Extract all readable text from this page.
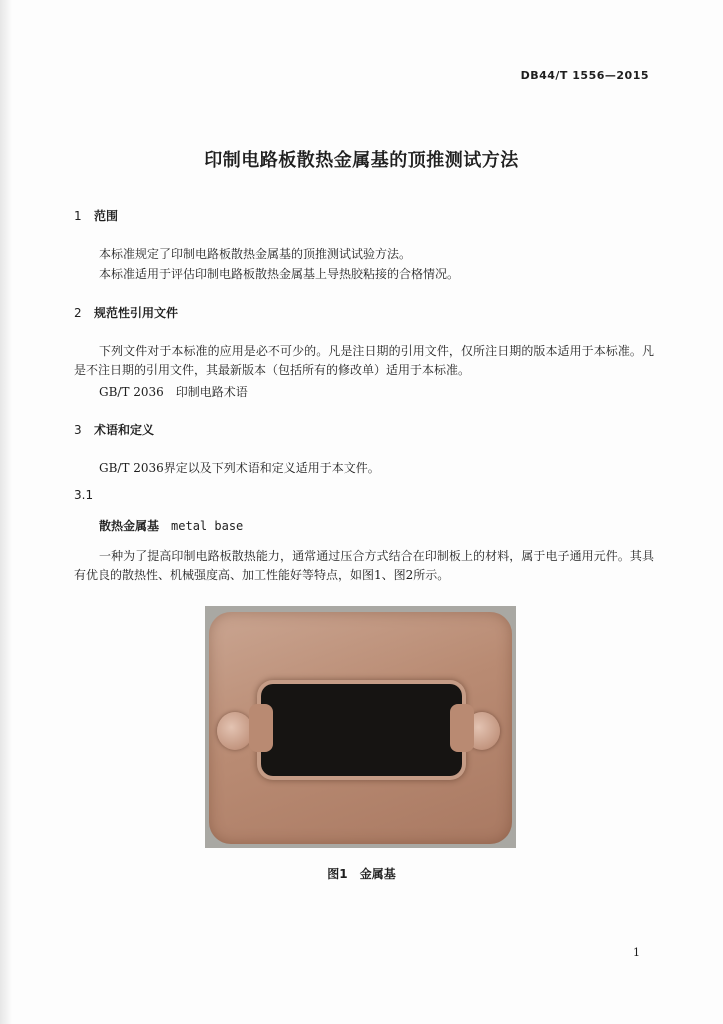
DB44/T 1556—2015
印制电路板散热金属基的顶推测试方法
1 范围
本标准规定了印制电路板散热金属基的顶推测试试验方法。
本标准适用于评估印制电路板散热金属基上导热胶粘接的合格情况。
2 规范性引用文件
下列文件对于本标准的应用是必不可少的。凡是注日期的引用文件，仅所注日期的版本适用于本标准。凡是不注日期的引用文件，其最新版本（包括所有的修改单）适用于本标准。
GB/T 2036　印制电路术语
3 术语和定义
GB/T 2036界定以及下列术语和定义适用于本文件。
3.1
散热金属基 metal base
一种为了提高印制电路板散热能力，通常通过压合方式结合在印制板上的材料，属于电子通用元件。其具有优良的散热性、机械强度高、加工性能好等特点，如图1、图2所示。
图1 金属基
1
